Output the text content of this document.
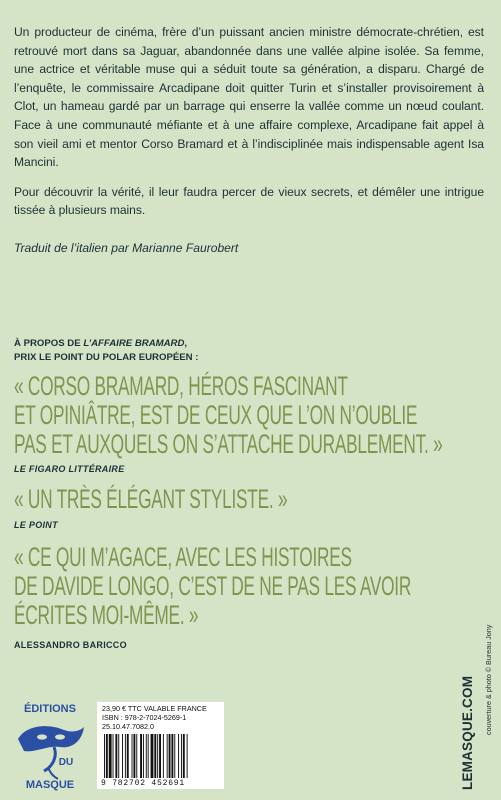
Un producteur de cinéma, frère d’un puissant ancien ministre démocrate-chrétien, est retrouvé mort dans sa Jaguar, abandonnée dans une vallée alpine isolée. Sa femme, une actrice et véritable muse qui a séduit toute sa génération, a disparu. Chargé de l’enquête, le commissaire Arcadipane doit quitter Turin et s’installer provisoirement à Clot, un hameau gardé par un barrage qui enserre la vallée comme un nœud coulant. Face à une communauté méfiante et à une affaire complexe, Arcadipane fait appel à son vieil ami et mentor Corso Bramard et à l’indisciplinée mais indispensable agent Isa Mancini.

Pour découvrir la vérité, il leur faudra percer de vieux secrets, et démêler une intrigue tissée à plusieurs mains.

Traduit de l’italien par Marianne Faurobert
À PROPOS DE L’AFFAIRE BRAMARD,
PRIX LE POINT DU POLAR EUROPÉEN :
« CORSO BRAMARD, HÉROS FASCINANT
ET OPINIÂTRE, EST DE CEUX QUE L’ON N’OUBLIE
PAS ET AUXQUELS ON S’ATTACHE DURABLEMENT. »
LE FIGARO LITTÉRAIRE
« UN TRÈS ÉLÉGANT STYLISTE. »
LE POINT
« CE QUI M’AGACE, AVEC LES HISTOIRES
DE DAVIDE LONGO, C’EST DE NE PAS LES AVOIR
ÉCRITES MOI-MÊME. »
ALESSANDRO BARICCO
ÉDITIONS
DU
MASQUE
23,90 € TTC VALABLE FRANCE
ISBN : 978-2-7024-5269-1
25.10.47.7082.0
9 782702 452691	LEMASQUE.COM couverture & photo © Bureau Jony
